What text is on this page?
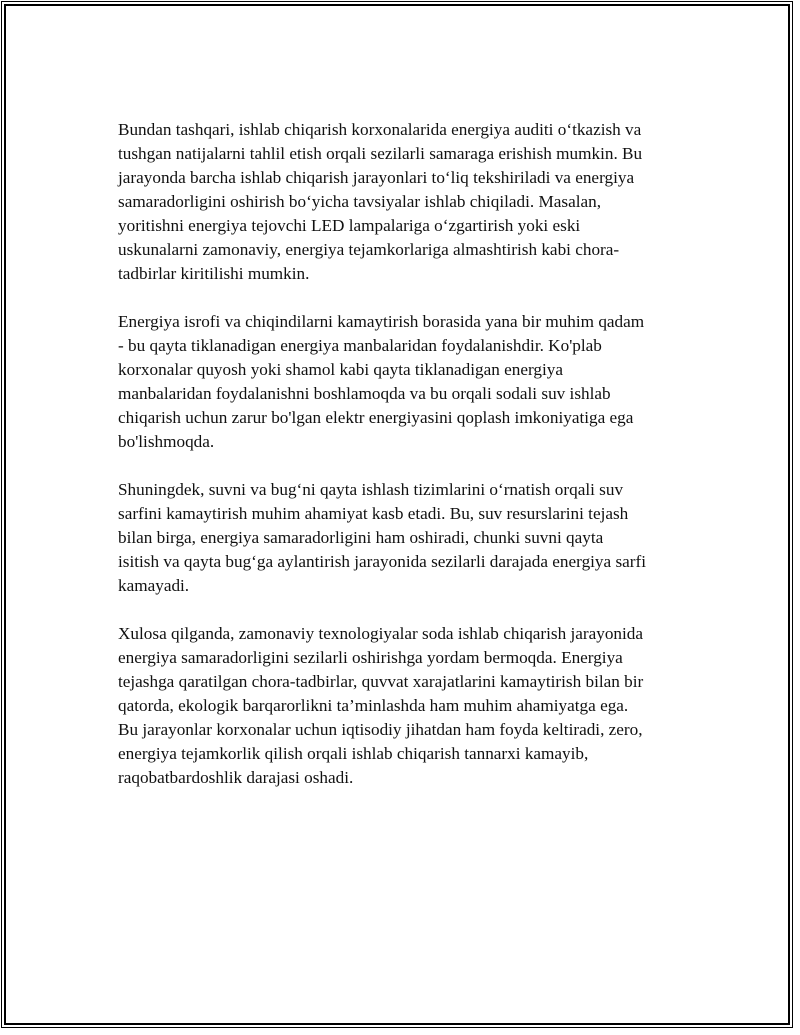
Bundan tashqari, ishlab chiqarish korxonalarida energiya auditi o‘tkazish va
tushgan natijalarni tahlil etish orqali sezilarli samaraga erishish mumkin. Bu
jarayonda barcha ishlab chiqarish jarayonlari to‘liq tekshiriladi va energiya
samaradorligini oshirish bo‘yicha tavsiyalar ishlab chiqiladi. Masalan,
yoritishni energiya tejovchi LED lampalariga o‘zgartirish yoki eski
uskunalarni zamonaviy, energiya tejamkorlariga almashtirish kabi chora-
tadbirlar kiritilishi mumkin.

Energiya isrofi va chiqindilarni kamaytirish borasida yana bir muhim qadam
- bu qayta tiklanadigan energiya manbalaridan foydalanishdir. Ko'plab
korxonalar quyosh yoki shamol kabi qayta tiklanadigan energiya
manbalaridan foydalanishni boshlamoqda va bu orqali sodali suv ishlab
chiqarish uchun zarur bo'lgan elektr energiyasini qoplash imkoniyatiga ega
bo'lishmoqda.

Shuningdek, suvni va bug‘ni qayta ishlash tizimlarini o‘rnatish orqali suv
sarfini kamaytirish muhim ahamiyat kasb etadi. Bu, suv resurslarini tejash
bilan birga, energiya samaradorligini ham oshiradi, chunki suvni qayta
isitish va qayta bug‘ga aylantirish jarayonida sezilarli darajada energiya sarfi
kamayadi.

Xulosa qilganda, zamonaviy texnologiyalar soda ishlab chiqarish jarayonida
energiya samaradorligini sezilarli oshirishga yordam bermoqda. Energiya
tejashga qaratilgan chora-tadbirlar, quvvat xarajatlarini kamaytirish bilan bir
qatorda, ekologik barqarorlikni ta’minlashda ham muhim ahamiyatga ega.
Bu jarayonlar korxonalar uchun iqtisodiy jihatdan ham foyda keltiradi, zero,
energiya tejamkorlik qilish orqali ishlab chiqarish tannarxi kamayib,
raqobatbardoshlik darajasi oshadi.
